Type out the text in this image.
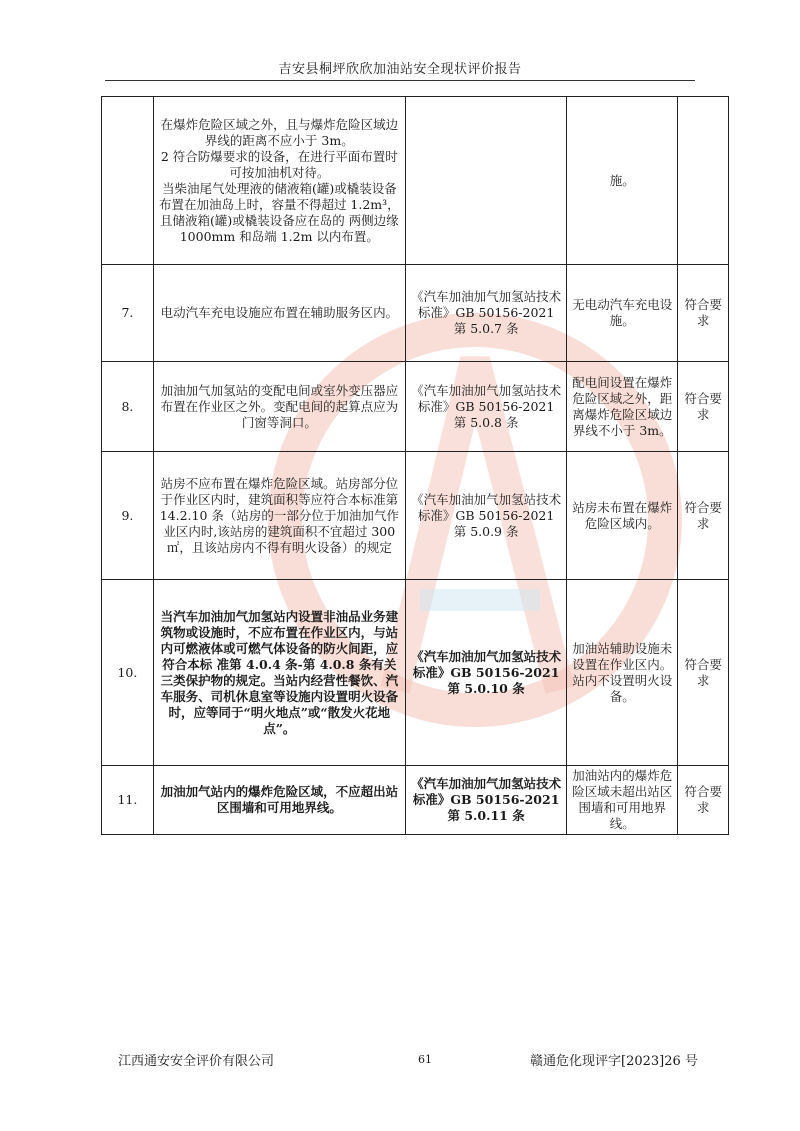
吉安县桐坪欣欣加油站安全现状评价报告
	在爆炸危险区域之外，且与爆炸危险区域边界线的距离不应小于 3m。
2 符合防爆要求的设备，在进行平面布置时可按加油机对待。
当柴油尾气处理液的储液箱(罐)或橇装设备布置在加油岛上时，容量不得超过 1.2m³，且储液箱(罐)或橇装设备应在岛的 两侧边缘 1000mm 和岛端 1.2m 以内布置。		施。	
7.	电动汽车充电设施应布置在辅助服务区内。	《汽车加油加气加氢站技术标准》GB 50156-2021 第 5.0.7 条	无电动汽车充电设施。	符合要求
8.	加油加气加氢站的变配电间或室外变压器应布置在作业区之外。变配电间的起算点应为门窗等洞口。	《汽车加油加气加氢站技术标准》GB 50156-2021 第 5.0.8 条	配电间设置在爆炸危险区域之外，距离爆炸危险区域边界线不小于 3m。	符合要求
9.	站房不应布置在爆炸危险区域。站房部分位于作业区内时，建筑面积等应符合本标准第 14.2.10 条（站房的一部分位于加油加气作业区内时,该站房的建筑面积不宜超过 300 ㎡，且该站房内不得有明火设备）的规定	《汽车加油加气加氢站技术标准》GB 50156-2021 第 5.0.9 条	站房未布置在爆炸危险区域内。	符合要求
10.	当汽车加油加气加氢站内设置非油品业务建筑物或设施时，不应布置在作业区内，与站内可燃液体或可燃气体设备的防火间距，应符合本标 准第 4.0.4 条-第 4.0.8 条有关三类保护物的规定。当站内经营性餐饮、汽车服务、司机休息室等设施内设置明火设备时，应等同于“明火地点”或“散发火花地点”。	《汽车加油加气加氢站技术标准》GB 50156-2021 第 5.0.10 条	加油站辅助设施未设置在作业区内。站内不设置明火设备。	符合要求
11.	加油加气站内的爆炸危险区域，不应超出站区围墙和可用地界线。	《汽车加油加气加氢站技术标准》GB 50156-2021 第 5.0.11 条	加油站内的爆炸危险区域未超出站区围墙和可用地界线。	符合要求
江西通安安全评价有限公司	61	赣通危化现评字[2023]26 号
